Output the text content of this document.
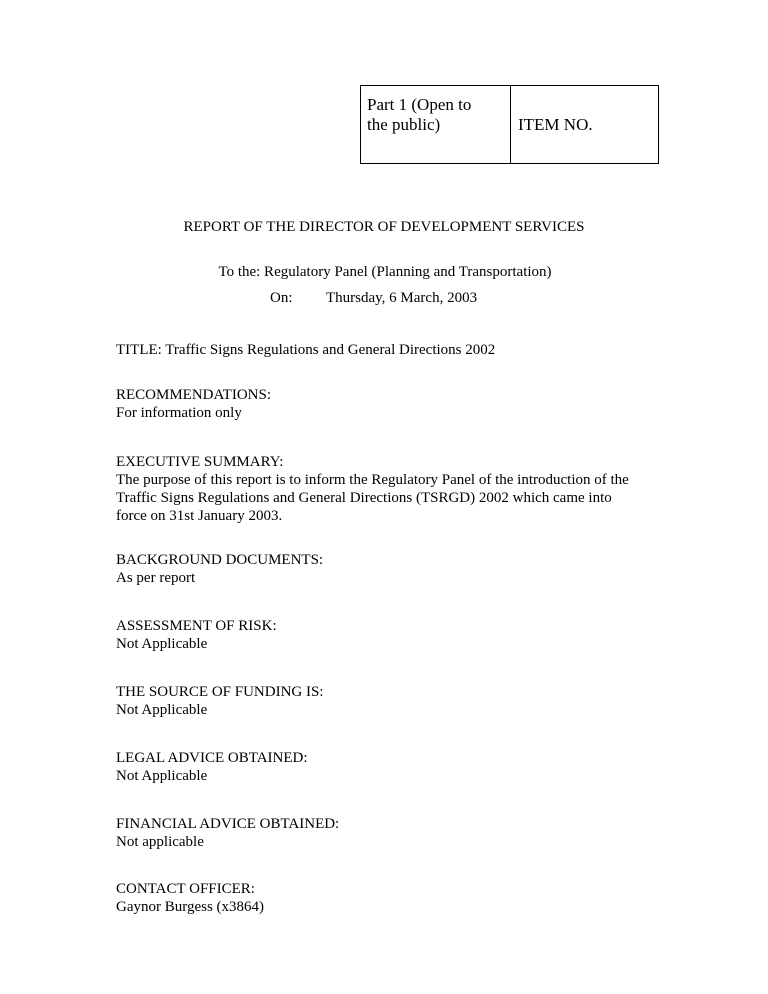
Part 1 (Open to
the public)	ITEM NO.
REPORT OF THE DIRECTOR OF DEVELOPMENT SERVICES
To the: Regulatory Panel (Planning and Transportation)
On: Thursday, 6 March, 2003
TITLE: Traffic Signs Regulations and General Directions 2002
RECOMMENDATIONS:
For information only
EXECUTIVE SUMMARY:
The purpose of this report is to inform the Regulatory Panel of the introduction of the
Traffic Signs Regulations and General Directions (TSRGD) 2002 which came into
force on 31st January 2003.
BACKGROUND DOCUMENTS:
As per report
ASSESSMENT OF RISK:
Not Applicable
THE SOURCE OF FUNDING IS:
Not Applicable
LEGAL ADVICE OBTAINED:
Not Applicable
FINANCIAL ADVICE OBTAINED:
Not applicable
CONTACT OFFICER:
Gaynor Burgess (x3864)
